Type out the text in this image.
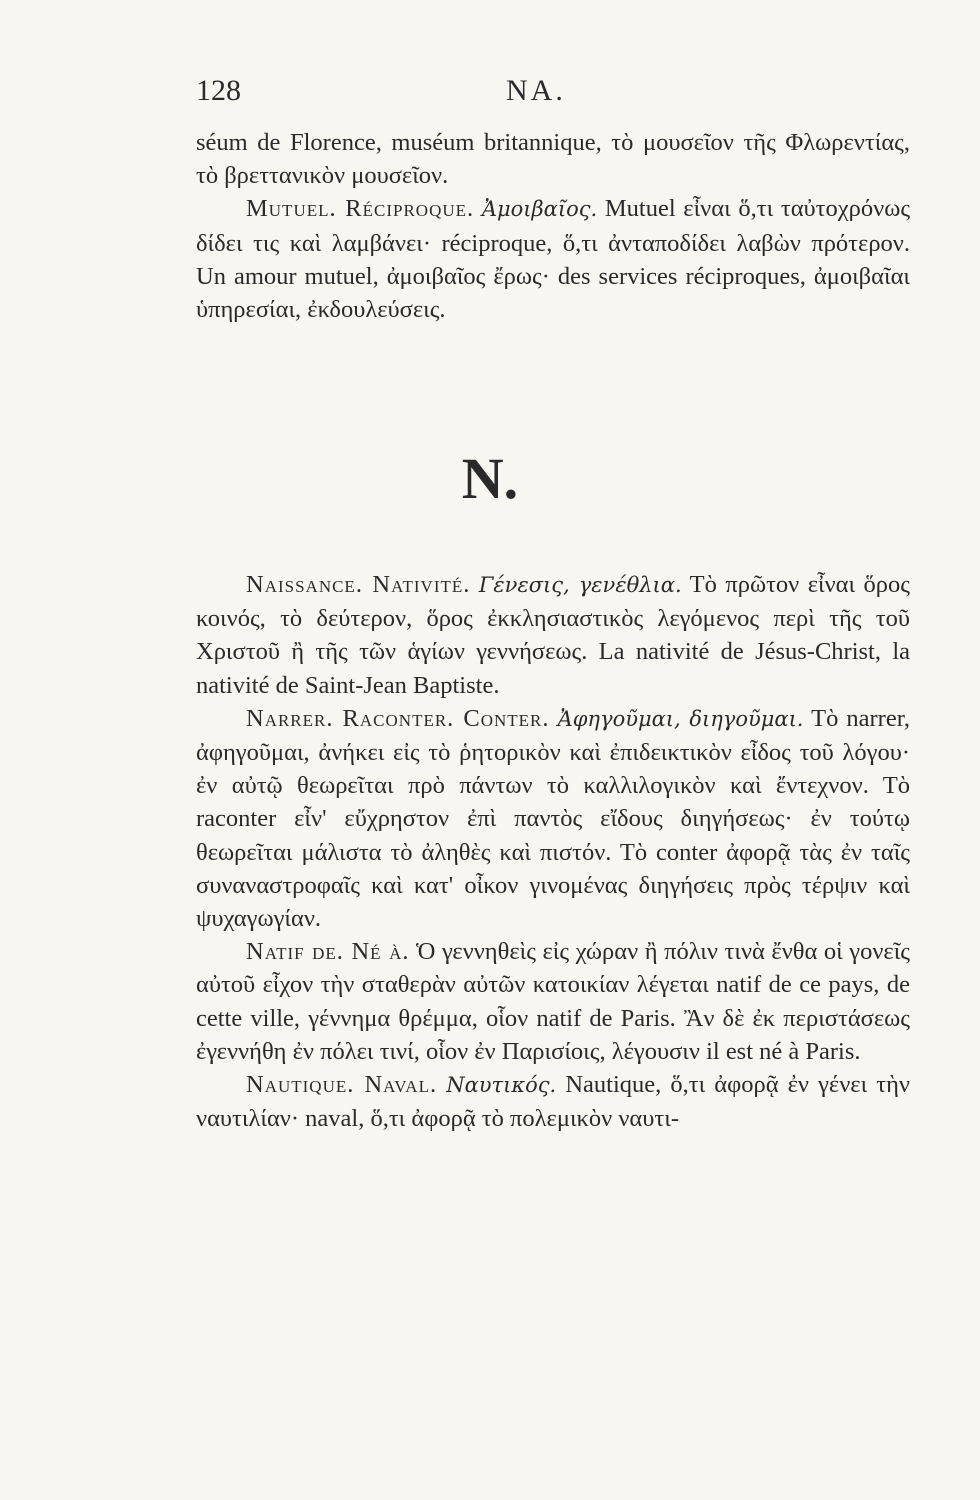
128	ΝΑ.

séum de Florence, muséum britannique, τὸ μουσεῖον τῆς Φλωρεντίας, τὸ βρεττανικὸν μουσεῖον.

Mutuel. Réciproque. Ἀμοιβαῖος. Mutuel εἶναι ὅ,τι ταὐτοχρόνως δίδει τις καὶ λαμβάνει· réciproque, ὅ,τι ἀνταποδίδει λαβὼν πρότερον. Un amour mutuel, ἀμοιβαῖος ἔρως· des services réciproques, ἀμοιβαῖαι ὑπηρεσίαι, ἐκδουλεύσεις.

N.

Naissance. Nativité. Γένεσις, γενέθλια. Τὸ πρῶτον εἶναι ὅρος κοινός, τὸ δεύτερον, ὅρος ἐκκλησιαστικὸς λεγόμενος περὶ τῆς τοῦ Χριστοῦ ἢ τῆς τῶν ἁγίων γεννήσεως. La nativité de Jésus-Christ, la nativité de Saint-Jean Baptiste.

Narrer. Raconter. Conter. Ἀφηγοῦμαι, διηγοῦμαι. Τὸ narrer, ἀφηγοῦμαι, ἀνήκει εἰς τὸ ῥητορικὸν καὶ ἐπιδεικτικὸν εἶδος τοῦ λόγου· ἐν αὐτῷ θεωρεῖται πρὸ πάντων τὸ καλλιλογικὸν καὶ ἔντεχνον. Τὸ raconter εἶν' εὔχρηστον ἐπὶ παντὸς εἴδους διηγήσεως· ἐν τούτῳ θεωρεῖται μάλιστα τὸ ἀληθὲς καὶ πιστόν. Τὸ conter ἀφορᾷ τὰς ἐν ταῖς συναναστροφαῖς καὶ κατ' οἶκον γινομένας διηγήσεις πρὸς τέρψιν καὶ ψυχαγωγίαν.

Natif de. Né à. Ὁ γεννηθεὶς εἰς χώραν ἢ πόλιν τινὰ ἔνθα οἱ γονεῖς αὐτοῦ εἶχον τὴν σταθερὰν αὐτῶν κατοικίαν λέγεται natif de ce pays, de cette ville, γέννημα θρέμμα, οἷον natif de Paris. Ἂν δὲ ἐκ περιστάσεως ἐγεννήθη ἐν πόλει τινί, οἷον ἐν Παρισίοις, λέγουσιν il est né à Paris.

Nautique. Naval. Ναυτικός. Nautique, ὅ,τι ἀφορᾷ ἐν γένει τὴν ναυτιλίαν· naval, ὅ,τι ἀφορᾷ τὸ πολεμικὸν ναυτι-
